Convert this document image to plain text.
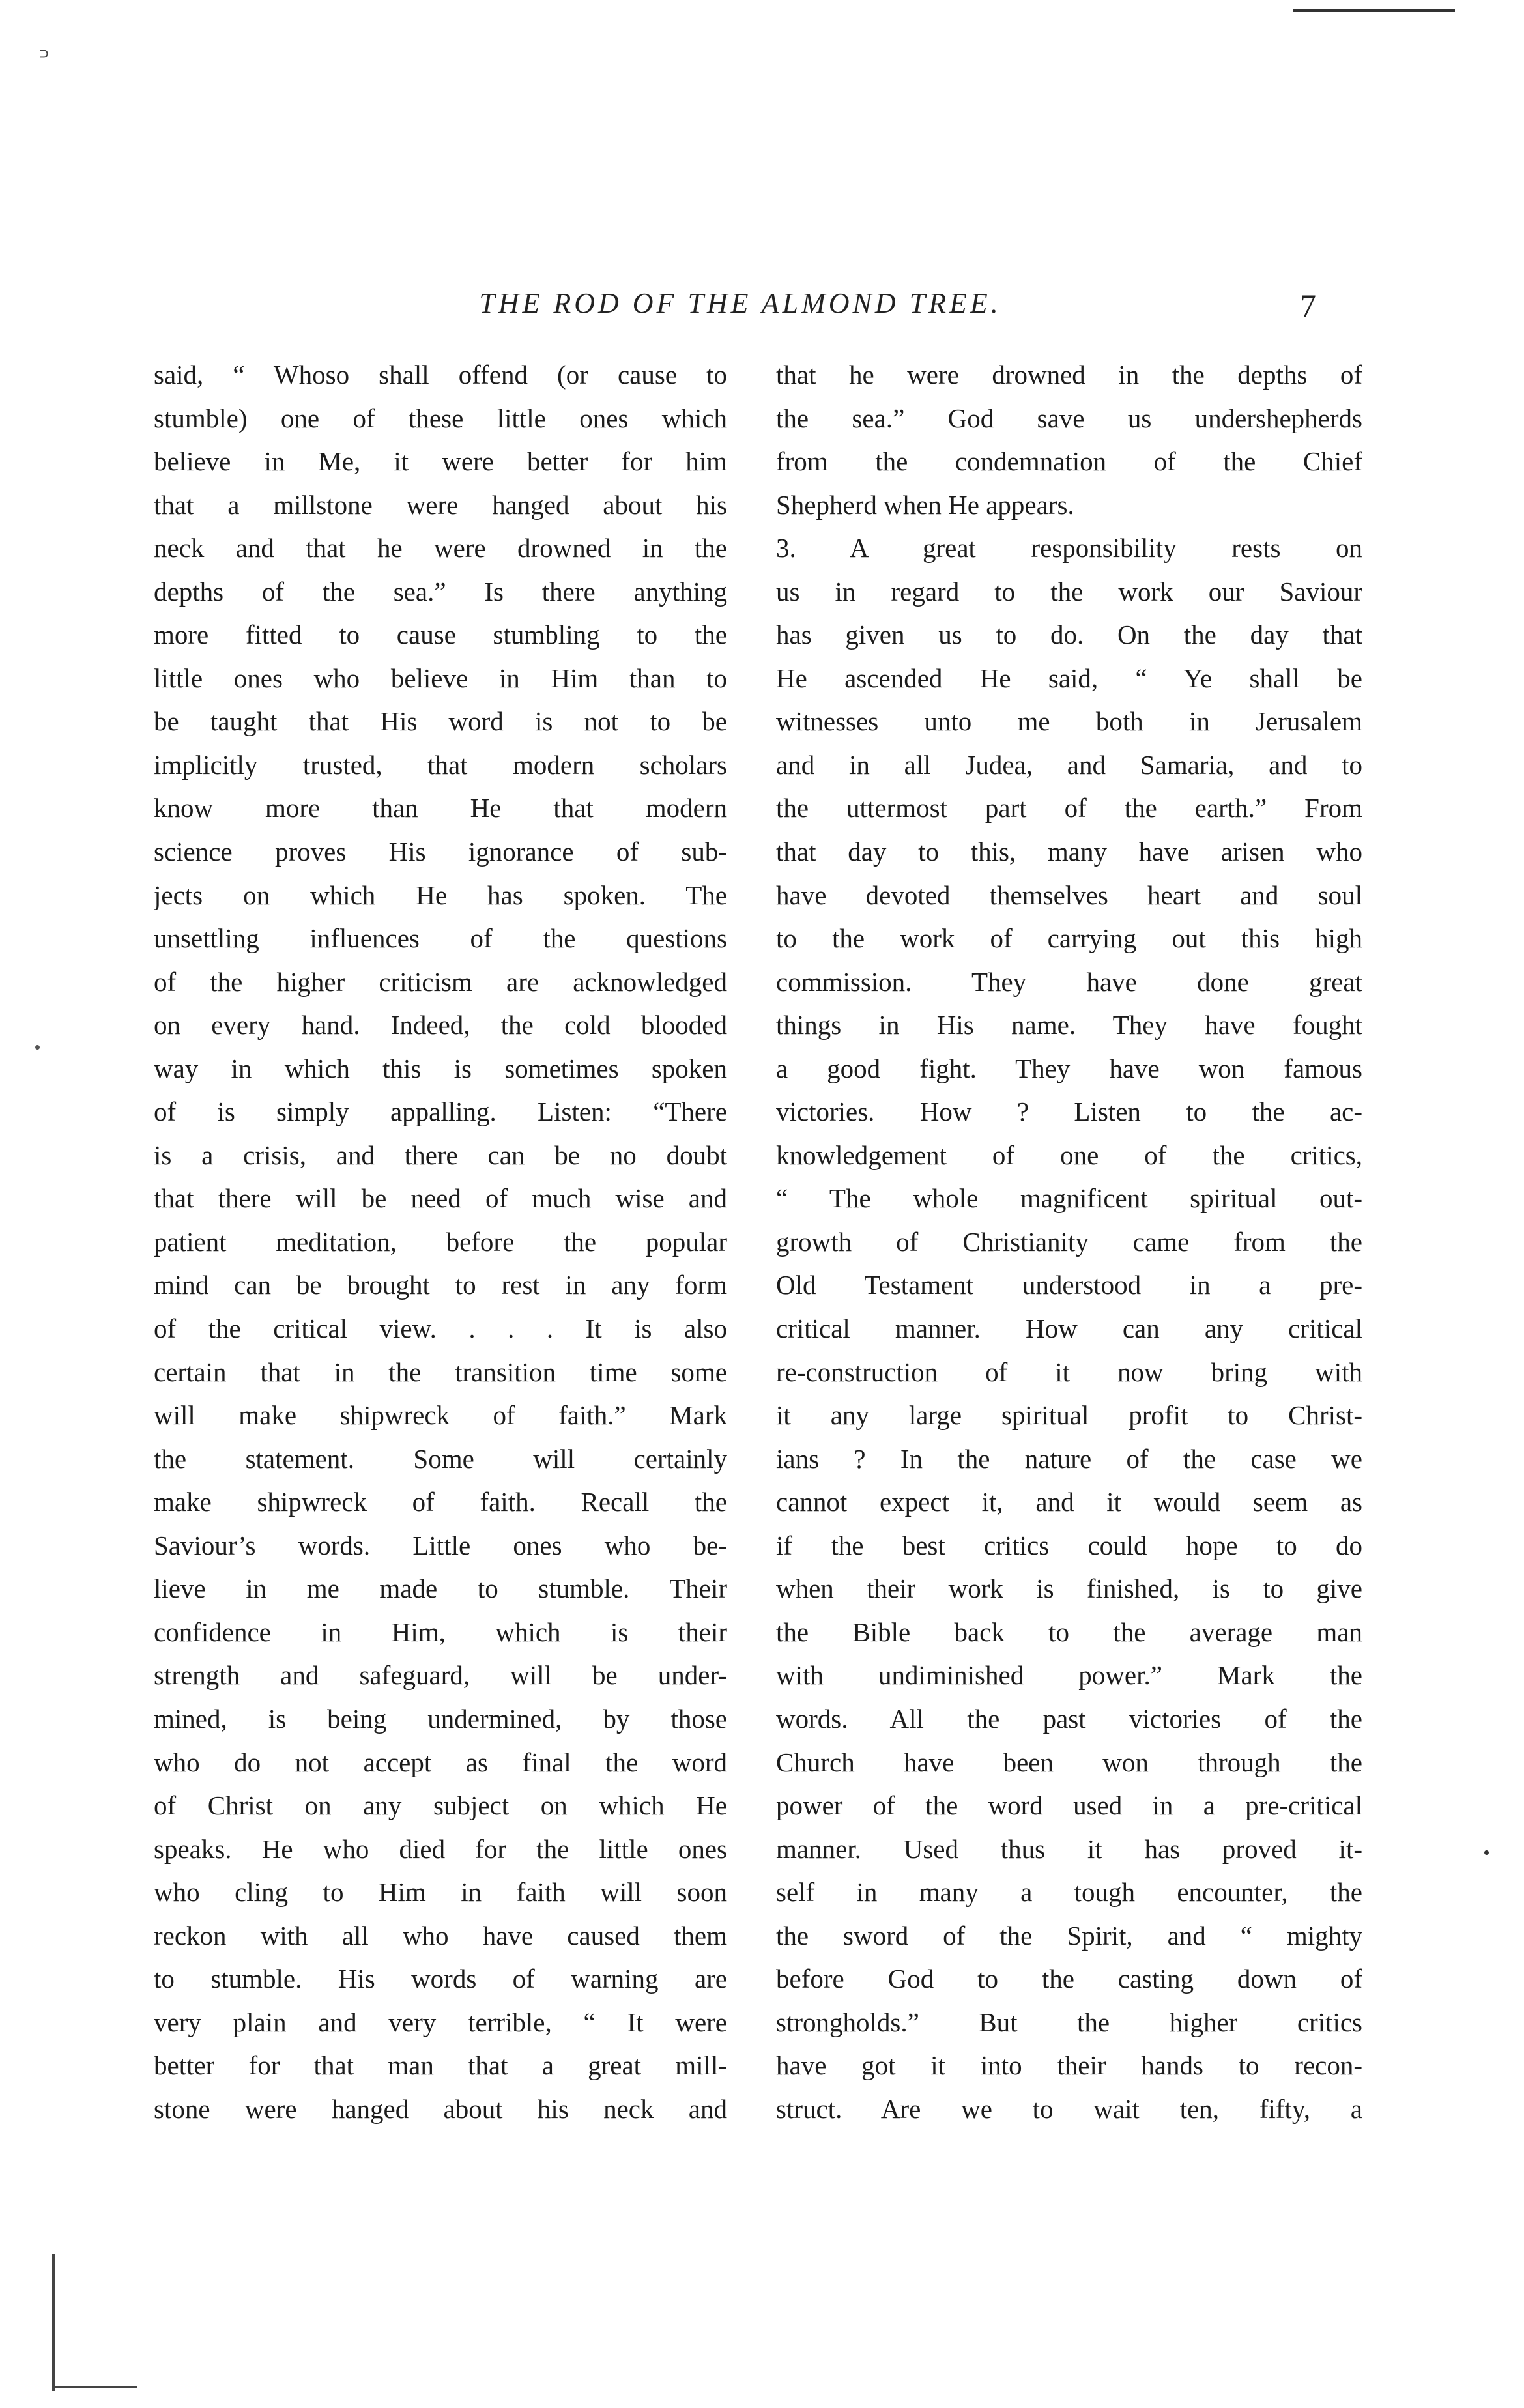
꜄
THE ROD OF THE ALMOND TREE.	7
said, “ Whoso shall offend (or cause to
stumble) one of these little ones which
believe in Me, it were better for him
that a millstone were hanged about his
neck and that he were drowned in the
depths of the sea.” Is there anything
more fitted to cause stumbling to the
little ones who believe in Him than to
be taught that His word is not to be
implicitly trusted, that modern scholars
know more than He that modern
science proves His ignorance of sub-
jects on which He has spoken. The
unsettling influences of the questions
of the higher criticism are acknowledged
on every hand. Indeed, the cold blooded
way in which this is sometimes spoken
of is simply appalling. Listen: “There
is a crisis, and there can be no doubt
that there will be need of much wise and
patient meditation, before the popular
mind can be brought to rest in any form
of the critical view. . . . It is also
certain that in the transition time some
will make shipwreck of faith.” Mark
the statement. Some will certainly
make shipwreck of faith. Recall the
Saviour’s words. Little ones who be-
lieve in me made to stumble. Their
confidence in Him, which is their
strength and safeguard, will be under-
mined, is being undermined, by those
who do not accept as final the word
of Christ on any subject on which He
speaks. He who died for the little ones
who cling to Him in faith will soon
reckon with all who have caused them
to stumble. His words of warning are
very plain and very terrible, “ It were
better for that man that a great mill-
stone were hanged about his neck and
that he were drowned in the depths of
the sea.” God save us undershepherds
from the condemnation of the Chief
Shepherd when He appears.
3. A great responsibility rests on
us in regard to the work our Saviour
has given us to do. On the day that
He ascended He said, “ Ye shall be
witnesses unto me both in Jerusalem
and in all Judea, and Samaria, and to
the uttermost part of the earth.” From
that day to this, many have arisen who
have devoted themselves heart and soul
to the work of carrying out this high
commission. They have done great
things in His name. They have fought
a good fight. They have won famous
victories. How ? Listen to the ac-
knowledgement of one of the critics,
“ The whole magnificent spiritual out-
growth of Christianity came from the
Old Testament understood in a pre-
critical manner. How can any critical
re-construction of it now bring with
it any large spiritual profit to Christ-
ians ? In the nature of the case we
cannot expect it, and it would seem as
if the best critics could hope to do
when their work is finished, is to give
the Bible back to the average man
with undiminished power.” Mark the
words. All the past victories of the
Church have been won through the
power of the word used in a pre-critical
manner. Used thus it has proved it-
self in many a tough encounter, the
the sword of the Spirit, and “ mighty
before God to the casting down of
strongholds.” But the higher critics
have got it into their hands to recon-
struct. Are we to wait ten, fifty, a
